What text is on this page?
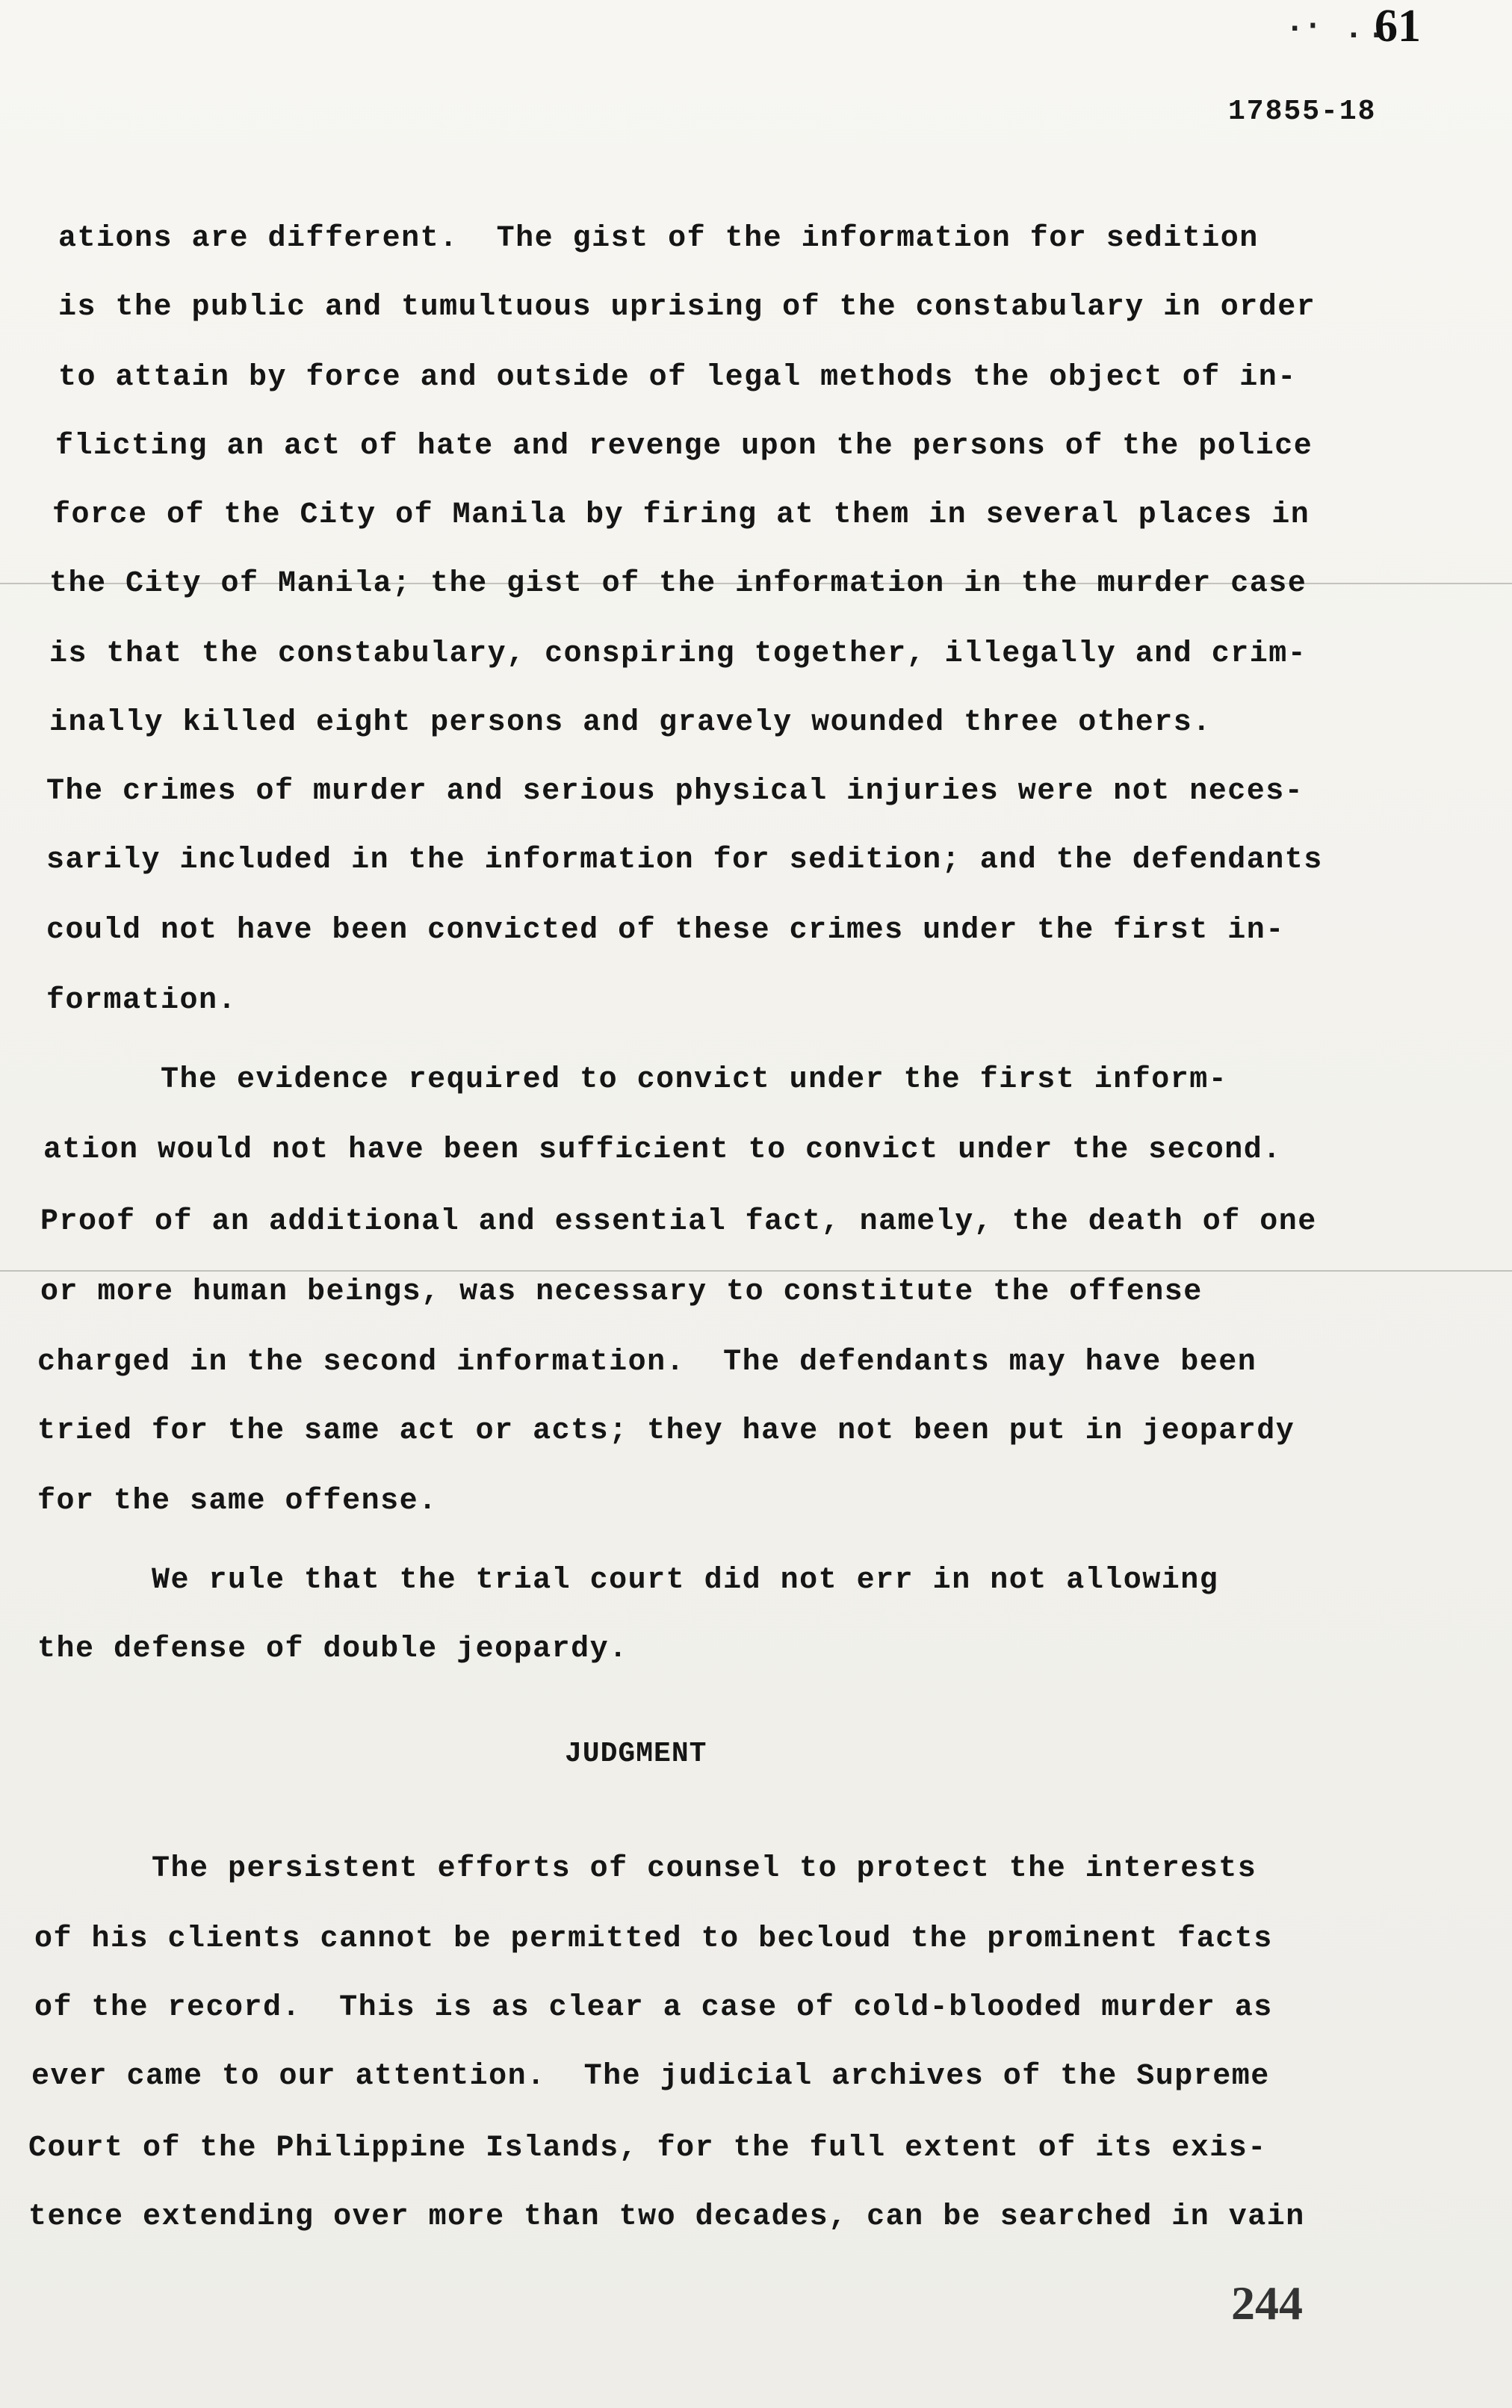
·‧ ..
61
17855-18
ations are different.  The gist of the information for sedition
is the public and tumultuous uprising of the constabulary in order
to attain by force and outside of legal methods the object of in-
flicting an act of hate and revenge upon the persons of the police
force of the City of Manila by firing at them in several places in
the City of Manila; the gist of the information in the murder case
is that the constabulary, conspiring together, illegally and crim-
inally killed eight persons and gravely wounded three others.
The crimes of murder and serious physical injuries were not neces-
sarily included in the information for sedition; and the defendants
could not have been convicted of these crimes under the first in-
formation.
The evidence required to convict under the first inform-
ation would not have been sufficient to convict under the second.
Proof of an additional and essential fact, namely, the death of one
or more human beings, was necessary to constitute the offense
charged in the second information.  The defendants may have been
tried for the same act or acts; they have not been put in jeopardy
for the same offense.
We rule that the trial court did not err in not allowing
the defense of double jeopardy.
JUDGMENT
The persistent efforts of counsel to protect the interests
of his clients cannot be permitted to becloud the prominent facts
of the record.  This is as clear a case of cold-blooded murder as
ever came to our attention.  The judicial archives of the Supreme
Court of the Philippine Islands, for the full extent of its exis-
tence extending over more than two decades, can be searched in vain
244
